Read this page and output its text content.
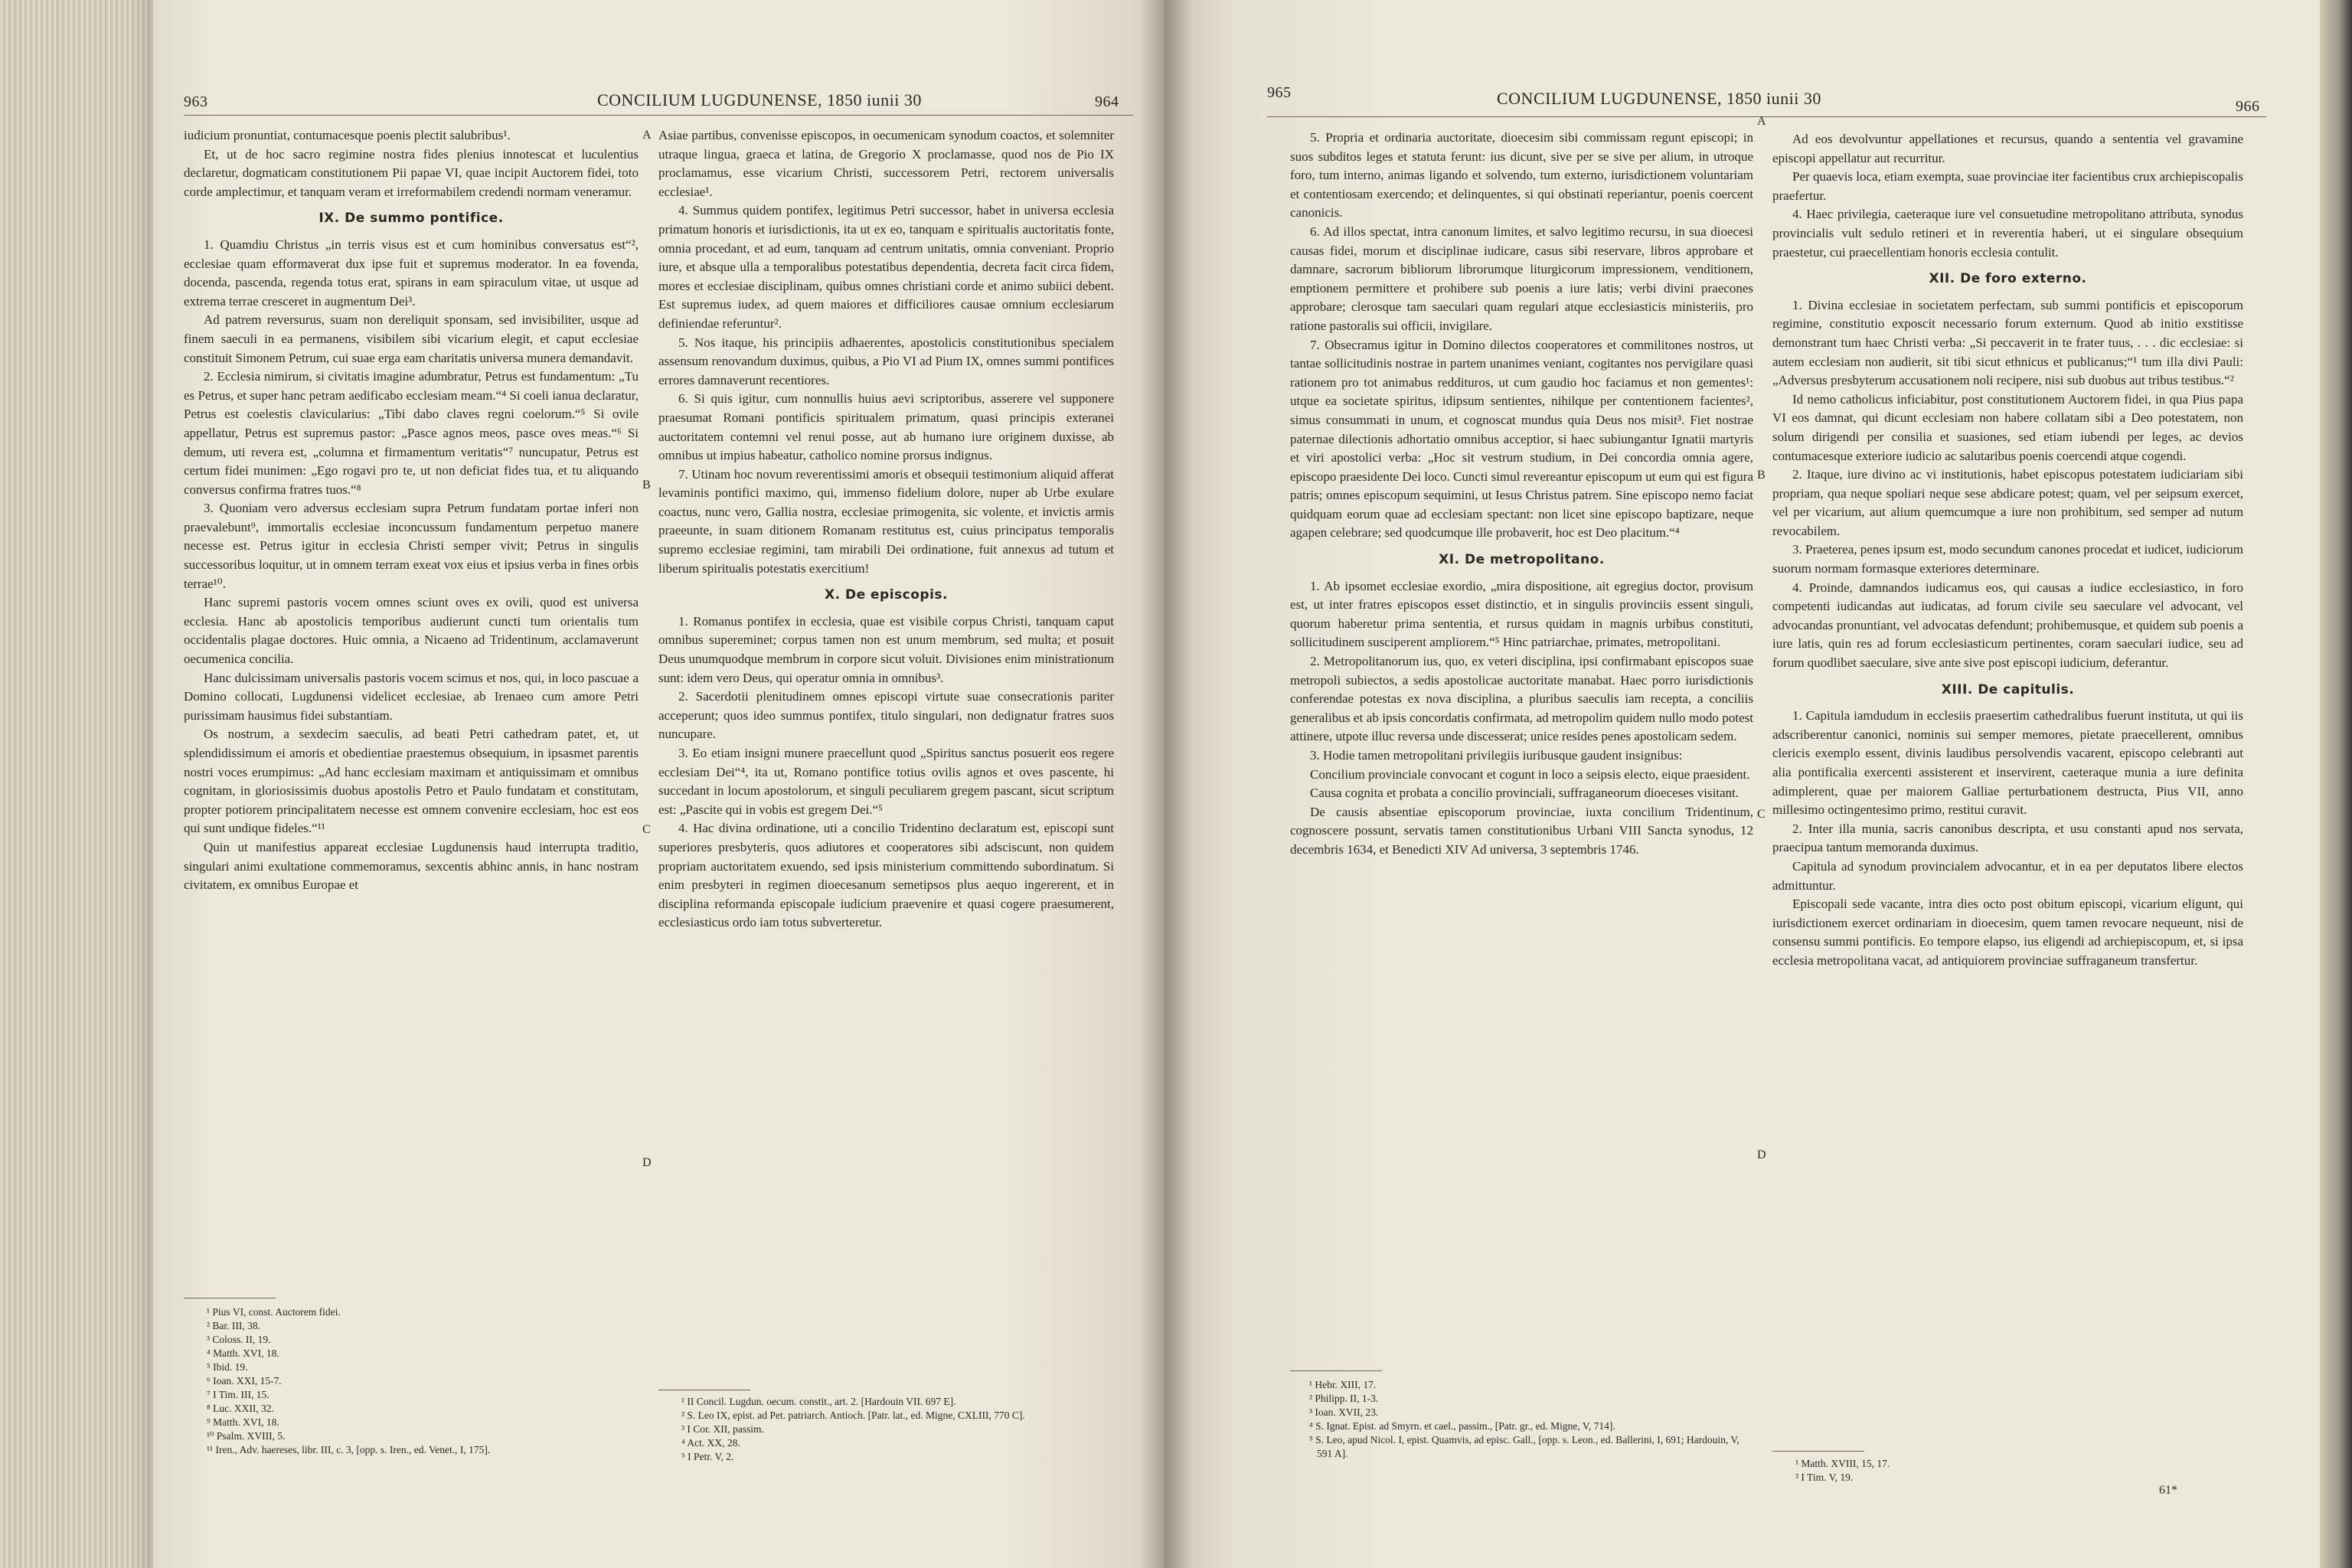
963	CONCILIUM LUGDUNENSE, 1850 iunii 30	964

iudicium pronuntiat, contumacesque poenis plectit salubribus¹.

Et, ut de hoc sacro regimine nostra fides plenius innotescat et luculentius declaretur, dogmaticam constitutionem Pii papae VI, quae incipit Auctorem fidei, toto corde amplectimur, et tanquam veram et irreformabilem credendi normam veneramur.

IX. De summo pontifice.

1. Quamdiu Christus „in terris visus est et cum hominibus conversatus est“², ecclesiae quam efformaverat dux ipse fuit et supremus moderator. In ea fovenda, docenda, pascenda, regenda totus erat, spirans in eam spiraculum vitae, ut usque ad extrema terrae cresceret in augmentum Dei³.

Ad patrem reversurus, suam non dereliquit sponsam, sed invisibiliter, usque ad finem saeculi in ea permanens, visibilem sibi vicarium elegit, et caput ecclesiae constituit Simonem Petrum, cui suae erga eam charitatis universa munera demandavit.

2. Ecclesia nimirum, si civitatis imagine adumbratur, Petrus est fundamentum: „Tu es Petrus, et super hanc petram aedificabo ecclesiam meam.“⁴ Si coeli ianua declaratur, Petrus est coelestis clavicularius: „Tibi dabo claves regni coelorum.“⁵ Si ovile appellatur, Petrus est supremus pastor: „Pasce agnos meos, pasce oves meas.“⁶ Si demum, uti revera est, „columna et firmamentum veritatis“⁷ nuncupatur, Petrus est certum fidei munimen: „Ego rogavi pro te, ut non deficiat fides tua, et tu aliquando conversus confirma fratres tuos.“⁸

3. Quoniam vero adversus ecclesiam supra Petrum fundatam portae inferi non praevalebunt⁹, immortalis ecclesiae inconcussum fundamentum perpetuo manere necesse est. Petrus igitur in ecclesia Christi semper vivit; Petrus in singulis successoribus loquitur, ut in omnem terram exeat vox eius et ipsius verba in fines orbis terrae¹⁰.

Hanc supremi pastoris vocem omnes sciunt oves ex ovili, quod est universa ecclesia. Hanc ab apostolicis temporibus audierunt cuncti tum orientalis tum occidentalis plagae doctores. Huic omnia, a Nicaeno ad Tridentinum, acclamaverunt oecumenica concilia.

Hanc dulcissimam universalis pastoris vocem scimus et nos, qui, in loco pascuae a Domino collocati, Lugdunensi videlicet ecclesiae, ab Irenaeo cum amore Petri purissimam hausimus fidei substantiam.

Os nostrum, a sexdecim saeculis, ad beati Petri cathedram patet, et, ut splendidissimum ei amoris et obedientiae praestemus obsequium, in ipsasmet parentis nostri voces erumpimus: „Ad hanc ecclesiam maximam et antiquissimam et omnibus cognitam, in gloriosissimis duobus apostolis Petro et Paulo fundatam et constitutam, propter potiorem principalitatem necesse est omnem convenire ecclesiam, hoc est eos qui sunt undique fideles.“¹¹

Quin ut manifestius appareat ecclesiae Lugdunensis haud interrupta traditio, singulari animi exultatione commemoramus, sexcentis abhinc annis, in hanc nostram civitatem, ex omnibus Europae et

¹ Pius VI, const. Auctorem fidei.
² Bar. III, 38.
³ Coloss. II, 19.
⁴ Matth. XVI, 18.
⁵ Ibid. 19.
⁶ Ioan. XXI, 15-7.
⁷ I Tim. III, 15.
⁸ Luc. XXII, 32.
⁹ Matth. XVI, 18.
¹⁰ Psalm. XVIII, 5.
¹¹ Iren., Adv. haereses, libr. III, c. 3, [opp. s. Iren., ed. Venet., I, 175].
A
B
C
D

Asiae partibus, convenisse episcopos, in oecumenicam synodum coactos, et solemniter utraque lingua, graeca et latina, de Gregorio X proclamasse, quod nos de Pio IX proclamamus, esse vicarium Christi, successorem Petri, rectorem universalis ecclesiae¹.

4. Summus quidem pontifex, legitimus Petri successor, habet in universa ecclesia primatum honoris et iurisdictionis, ita ut ex eo, tanquam e spiritualis auctoritatis fonte, omnia procedant, et ad eum, tanquam ad centrum unitatis, omnia conveniant. Proprio iure, et absque ulla a temporalibus potestatibus dependentia, decreta facit circa fidem, mores et ecclesiae disciplinam, quibus omnes christiani corde et animo subiici debent. Est supremus iudex, ad quem maiores et difficiliores causae omnium ecclesiarum definiendae referuntur².

5. Nos itaque, his principiis adhaerentes, apostolicis constitutionibus specialem assensum renovandum duximus, quibus, a Pio VI ad Pium IX, omnes summi pontifices errores damnaverunt recentiores.

6. Si quis igitur, cum nonnullis huius aevi scriptoribus, asserere vel supponere praesumat Romani pontificis spiritualem primatum, quasi principis exteranei auctoritatem contemni vel renui posse, aut ab humano iure originem duxisse, ab omnibus ut impius habeatur, catholico nomine prorsus indignus.

7. Utinam hoc novum reverentissimi amoris et obsequii testimonium aliquid afferat levaminis pontifici maximo, qui, immenso fidelium dolore, nuper ab Urbe exulare coactus, nunc vero, Gallia nostra, ecclesiae primogenita, sic volente, et invictis armis praeeunte, in suam ditionem Romanam restitutus est, cuius principatus temporalis supremo ecclesiae regimini, tam mirabili Dei ordinatione, fuit annexus ad tutum et liberum spiritualis potestatis exercitium!

X. De episcopis.

1. Romanus pontifex in ecclesia, quae est visibile corpus Christi, tanquam caput omnibus supereminet; corpus tamen non est unum membrum, sed multa; et posuit Deus unumquodque membrum in corpore sicut voluit. Divisiones enim ministrationum sunt: idem vero Deus, qui operatur omnia in omnibus³.

2. Sacerdotii plenitudinem omnes episcopi virtute suae consecrationis pariter acceperunt; quos ideo summus pontifex, titulo singulari, non dedignatur fratres suos nuncupare.

3. Eo etiam insigni munere praecellunt quod „Spiritus sanctus posuerit eos regere ecclesiam Dei“⁴, ita ut, Romano pontifice totius ovilis agnos et oves pascente, hi succedant in locum apostolorum, et singuli peculiarem gregem pascant, sicut scriptum est: „Pascite qui in vobis est gregem Dei.“⁵

4. Hac divina ordinatione, uti a concilio Tridentino declaratum est, episcopi sunt superiores presbyteris, quos adiutores et cooperatores sibi adsciscunt, non quidem propriam auctoritatem exuendo, sed ipsis ministerium committendo subordinatum. Si enim presbyteri in regimen dioecesanum semetipsos plus aequo ingererent, et in disciplina reformanda episcopale iudicium praevenire et quasi cogere praesumerent, ecclesiasticus ordo iam totus subverteretur.

¹ II Concil. Lugdun. oecum. constit., art. 2. [Hardouin VII. 697 E].
² S. Leo IX, epist. ad Pet. patriarch. Antioch. [Patr. lat., ed. Migne, CXLIII, 770 C].
³ I Cor. XII, passim.
⁴ Act. XX, 28.
⁵ I Petr. V, 2.
965	CONCILIUM LUGDUNENSE, 1850 iunii 30	966

5. Propria et ordinaria auctoritate, dioecesim sibi commissam regunt episcopi; in suos subditos leges et statuta ferunt: ius dicunt, sive per se sive per alium, in utroque foro, tum interno, animas ligando et solvendo, tum externo, iurisdictionem voluntariam et contentiosam exercendo; et delinquentes, si qui obstinati reperiantur, poenis coercent canonicis.

6. Ad illos spectat, intra canonum limites, et salvo legitimo recursu, in sua dioecesi causas fidei, morum et disciplinae iudicare, casus sibi reservare, libros approbare et damnare, sacrorum bibliorum librorumque liturgicorum impressionem, venditionem, emptionem permittere et prohibere sub poenis a iure latis; verbi divini praecones approbare; clerosque tam saeculari quam regulari atque ecclesiasticis ministeriis, pro ratione pastoralis sui officii, invigilare.

7. Obsecramus igitur in Domino dilectos cooperatores et commilitones nostros, ut tantae sollicitudinis nostrae in partem unanimes veniant, cogitantes nos pervigilare quasi rationem pro tot animabus reddituros, ut cum gaudio hoc faciamus et non gementes¹: utque ea societate spiritus, idipsum sentientes, nihilque per contentionem facientes², simus consummati in unum, et cognoscat mundus quia Deus nos misit³. Fiet nostrae paternae dilectionis adhortatio omnibus acceptior, si haec subiungantur Ignatii martyris et viri apostolici verba: „Hoc sit vestrum studium, in Dei concordia omnia agere, episcopo praesidente Dei loco. Cuncti simul revereantur episcopum ut eum qui est figura patris; omnes episcopum sequimini, ut Iesus Christus patrem. Sine episcopo nemo faciat quidquam eorum quae ad ecclesiam spectant: non licet sine episcopo baptizare, neque agapen celebrare; sed quodcumque ille probaverit, hoc est Deo placitum.“⁴

XI. De metropolitano.

1. Ab ipsomet ecclesiae exordio, „mira dispositione, ait egregius doctor, provisum est, ut inter fratres episcopos esset distinctio, et in singulis provinciis essent singuli, quorum haberetur prima sententia, et rursus quidam in magnis urbibus constituti, sollicitudinem susciperent ampliorem.“⁵ Hinc patriarchae, primates, metropolitani.

2. Metropolitanorum ius, quo, ex veteri disciplina, ipsi confirmabant episcopos suae metropoli subiectos, a sedis apostolicae auctoritate manabat. Haec porro iurisdictionis conferendae potestas ex nova disciplina, a pluribus saeculis iam recepta, a conciliis generalibus et ab ipsis concordatis confirmata, ad metropolim quidem nullo modo potest attinere, utpote illuc reversa unde discesserat; unice resides penes apostolicam sedem.

3. Hodie tamen metropolitani privilegiis iuribusque gaudent insignibus:

Concilium provinciale convocant et cogunt in loco a seipsis electo, eique praesident.

Causa cognita et probata a concilio provinciali, suffraganeorum dioeceses visitant.

De causis absentiae episcoporum provinciae, iuxta concilium Tridentinum, cognoscere possunt, servatis tamen constitutionibus Urbani VIII Sancta synodus, 12 decembris 1634, et Benedicti XIV Ad universa, 3 septembris 1746.

¹ Hebr. XIII, 17.
² Philipp. II, 1-3.
³ Ioan. XVII, 23.
⁴ S. Ignat. Epist. ad Smyrn. et cael., passim., [Patr. gr., ed. Migne, V, 714].
⁵ S. Leo, apud Nicol. I, epist. Quamvis, ad episc. Gall., [opp. s. Leon., ed. Ballerini, I, 691; Hardouin, V, 591 A].
A
B
C
D

Ad eos devolvuntur appellationes et recursus, quando a sententia vel gravamine episcopi appellatur aut recurritur.

Per quaevis loca, etiam exempta, suae provinciae iter facientibus crux archiepiscopalis praefertur.

4. Haec privilegia, caeteraque iure vel consuetudine metropolitano attributa, synodus provincialis vult sedulo retineri et in reverentia haberi, ut ei singulare obsequium praestetur, cui praecellentiam honoris ecclesia contulit.

XII. De foro externo.

1. Divina ecclesiae in societatem perfectam, sub summi pontificis et episcoporum regimine, constitutio exposcit necessario forum externum. Quod ab initio exstitisse demonstrant tum haec Christi verba: „Si peccaverit in te frater tuus, . . . dic ecclesiae: si autem ecclesiam non audierit, sit tibi sicut ethnicus et publicanus;“¹ tum illa divi Pauli: „Adversus presbyterum accusationem noli recipere, nisi sub duobus aut tribus testibus.“²

Id nemo catholicus inficiabitur, post constitutionem Auctorem fidei, in qua Pius papa VI eos damnat, qui dicunt ecclesiam non habere collatam sibi a Deo potestatem, non solum dirigendi per consilia et suasiones, sed etiam iubendi per leges, ac devios contumacesque exteriore iudicio ac salutaribus poenis coercendi atque cogendi.

2. Itaque, iure divino ac vi institutionis, habet episcopus potestatem iudiciariam sibi propriam, qua neque spoliari neque sese abdicare potest; quam, vel per seipsum exercet, vel per vicarium, aut alium quemcumque a iure non prohibitum, sed semper ad nutum revocabilem.

3. Praeterea, penes ipsum est, modo secundum canones procedat et iudicet, iudiciorum suorum normam formasque exteriores determinare.

4. Proinde, damnandos iudicamus eos, qui causas a iudice ecclesiastico, in foro competenti iudicandas aut iudicatas, ad forum civile seu saeculare vel advocant, vel advocandas pronuntiant, vel advocatas defendunt; prohibemusque, et quidem sub poenis a iure latis, quin res ad forum ecclesiasticum pertinentes, coram saeculari iudice, seu ad forum quodlibet saeculare, sive ante sive post episcopi iudicium, deferantur.

XIII. De capitulis.

1. Capitula iamdudum in ecclesiis praesertim cathedralibus fuerunt instituta, ut qui iis adscriberentur canonici, nominis sui semper memores, pietate praecellerent, omnibus clericis exemplo essent, divinis laudibus persolvendis vacarent, episcopo celebranti aut alia pontificalia exercenti assisterent et inservirent, caeteraque munia a iure definita adimplerent, quae per maiorem Galliae perturbationem destructa, Pius VII, anno millesimo octingentesimo primo, restitui curavit.

2. Inter illa munia, sacris canonibus descripta, et usu constanti apud nos servata, praecipua tantum memoranda duximus.

Capitula ad synodum provincialem advocantur, et in ea per deputatos libere electos admittuntur.

Episcopali sede vacante, intra dies octo post obitum episcopi, vicarium eligunt, qui iurisdictionem exercet ordinariam in dioecesim, quem tamen revocare nequeunt, nisi de consensu summi pontificis. Eo tempore elapso, ius eligendi ad archiepiscopum, et, si ipsa ecclesia metropolitana vacat, ad antiquiorem provinciae suffraganeum transfertur.

¹ Matth. XVIII, 15, 17.
² I Tim. V, 19.
61*
